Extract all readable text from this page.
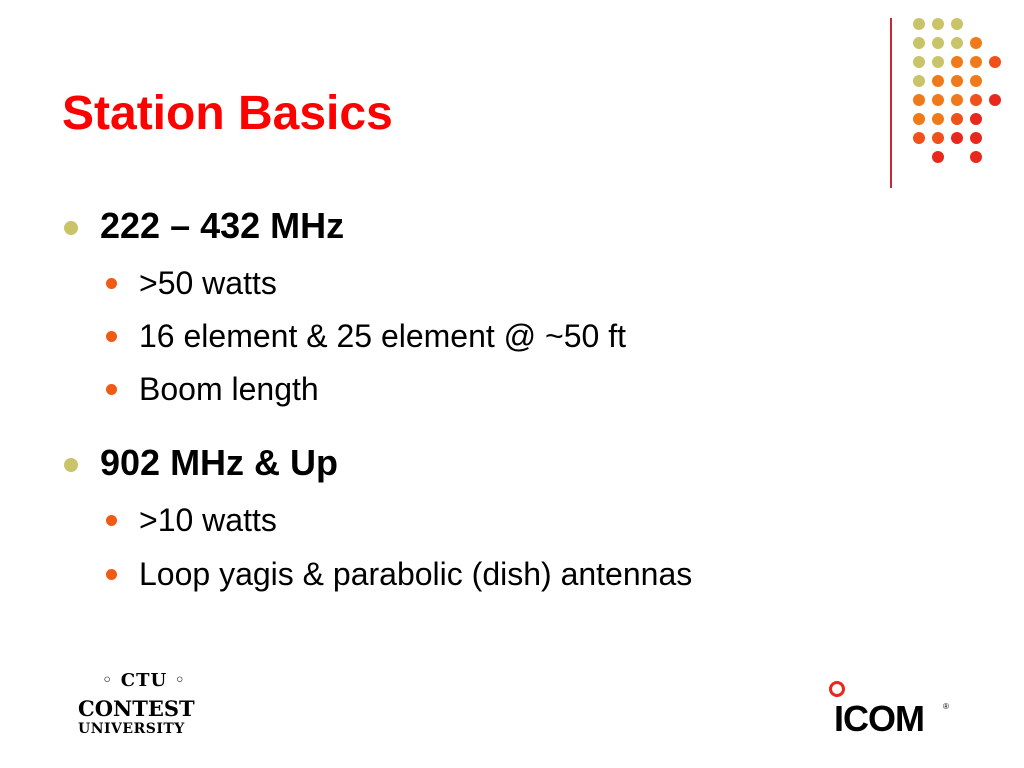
Station Basics
222 – 432 MHz
>50 watts
16 element & 25 element @ ~50 ft
Boom length
902 MHz & Up
>10 watts
Loop yagis & parabolic (dish) antennas
◦ CTU ◦
CONTEST
UNIVERSITY	ICOM ®
